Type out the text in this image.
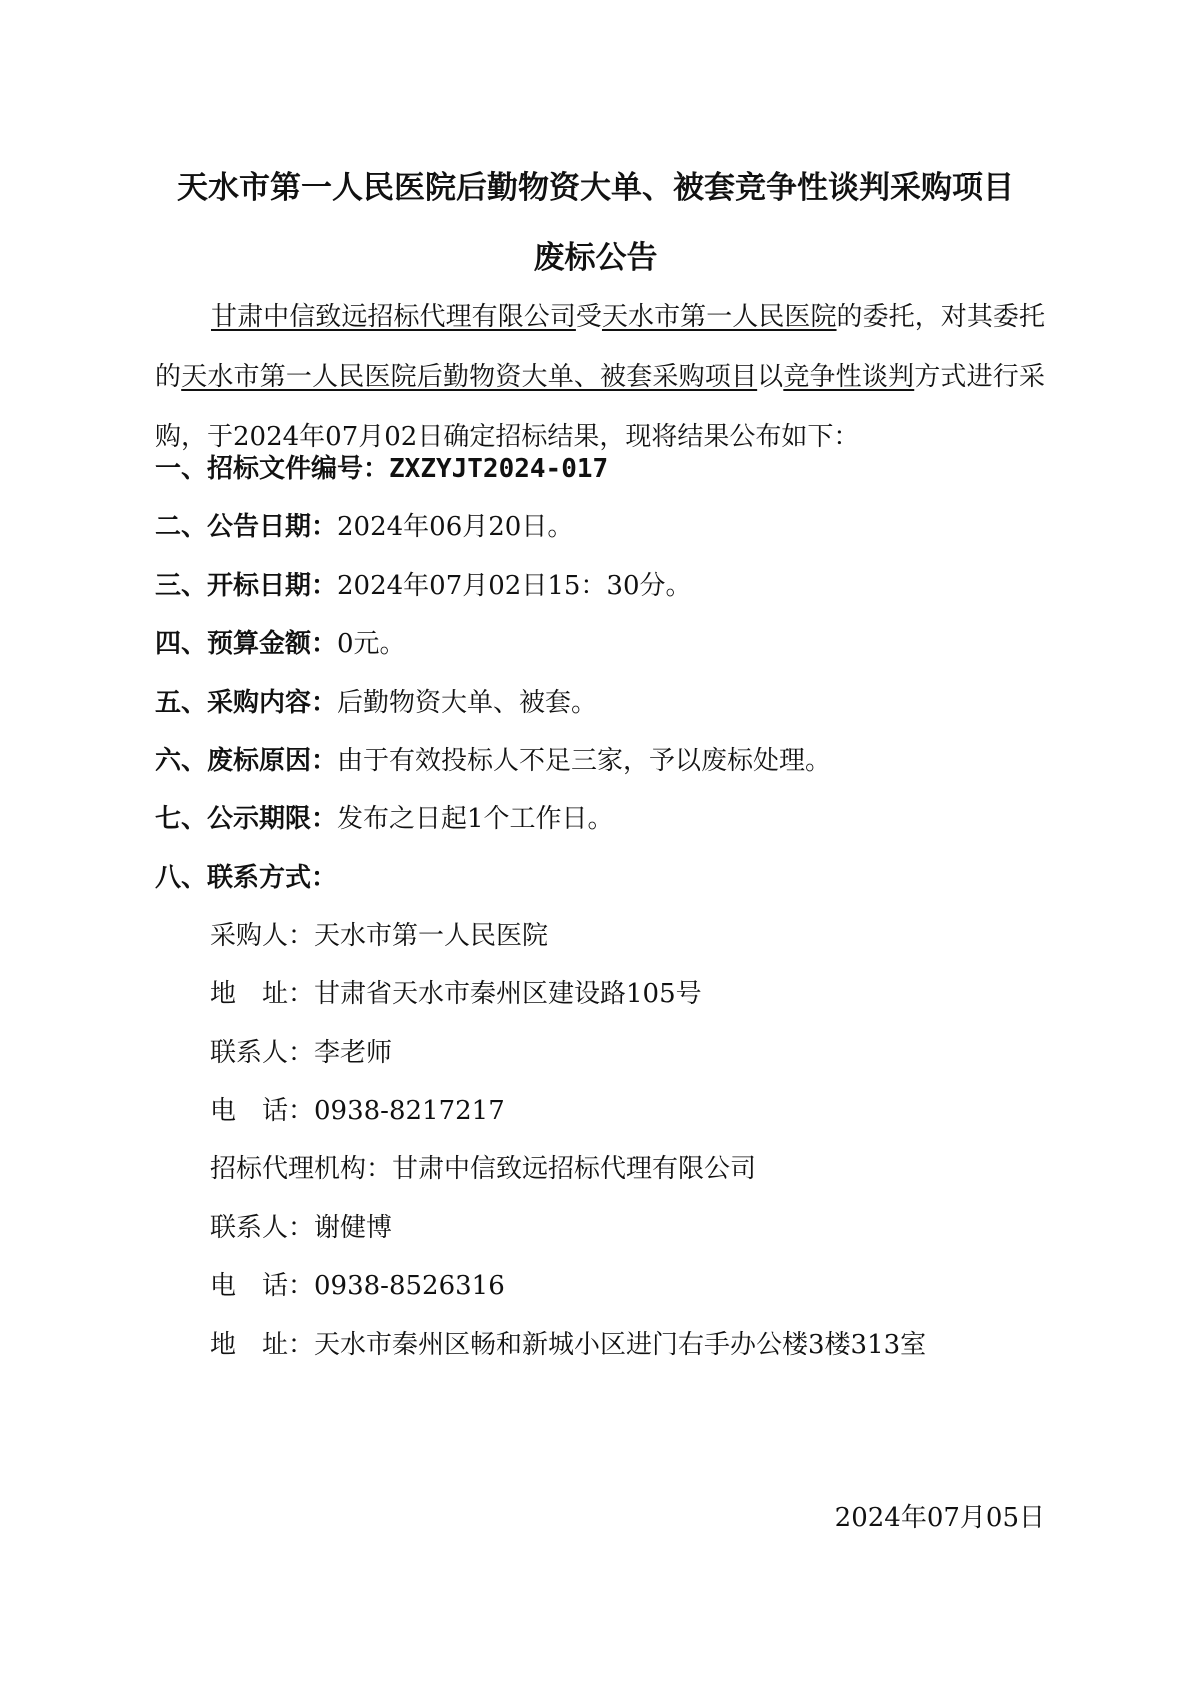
天水市第一人民医院后勤物资大单、被套竞争性谈判采购项目
废标公告

甘肃中信致远招标代理有限公司受天水市第一人民医院的委托，对其委托的天水市第一人民医院后勤物资大单、被套采购项目以竞争性谈判方式进行采购，于2024年07月02日确定招标结果，现将结果公布如下：

一、招标文件编号：ZXZYJT2024-017
二、公告日期：2024年06月20日。
三、开标日期：2024年07月02日15：30分。
四、预算金额：0元。
五、采购内容：后勤物资大单、被套。
六、废标原因：由于有效投标人不足三家，予以废标处理。
七、公示期限：发布之日起1个工作日。
八、联系方式：
采购人：天水市第一人民医院
地　址：甘肃省天水市秦州区建设路105号
联系人：李老师
电　话：0938-8217217
招标代理机构：甘肃中信致远招标代理有限公司
联系人：谢健博
电　话：0938-8526316
地　址：天水市秦州区畅和新城小区进门右手办公楼3楼313室
2024年07月05日
